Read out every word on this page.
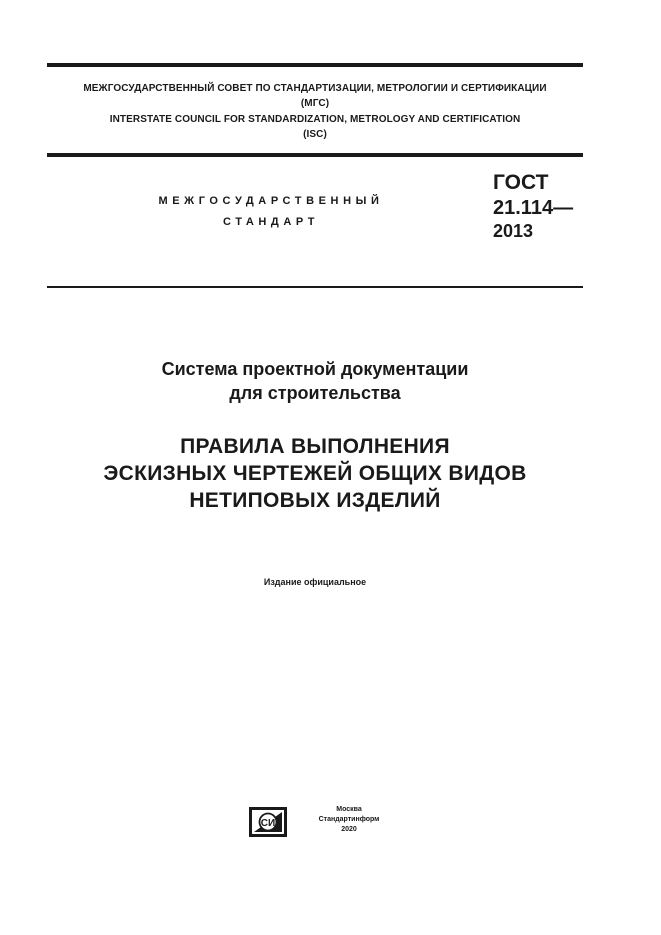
МЕЖГОСУДАРСТВЕННЫЙ СОВЕТ ПО СТАНДАРТИЗАЦИИ, МЕТРОЛОГИИ И СЕРТИФИКАЦИИ
(МГС)
INTERSTATE COUNCIL FOR STANDARDIZATION, METROLOGY AND CERTIFICATION
(ISC)
МЕЖГОСУДАРСТВЕННЫЙ
СТАНДАРТ
ГОСТ
21.114—
2013
Система проектной документации
для строительства
ПРАВИЛА ВЫПОЛНЕНИЯ
ЭСКИЗНЫХ ЧЕРТЕЖЕЙ ОБЩИХ ВИДОВ
НЕТИПОВЫХ ИЗДЕЛИЙ
Издание официальное
СИ
Москва
Стандартинформ
2020
